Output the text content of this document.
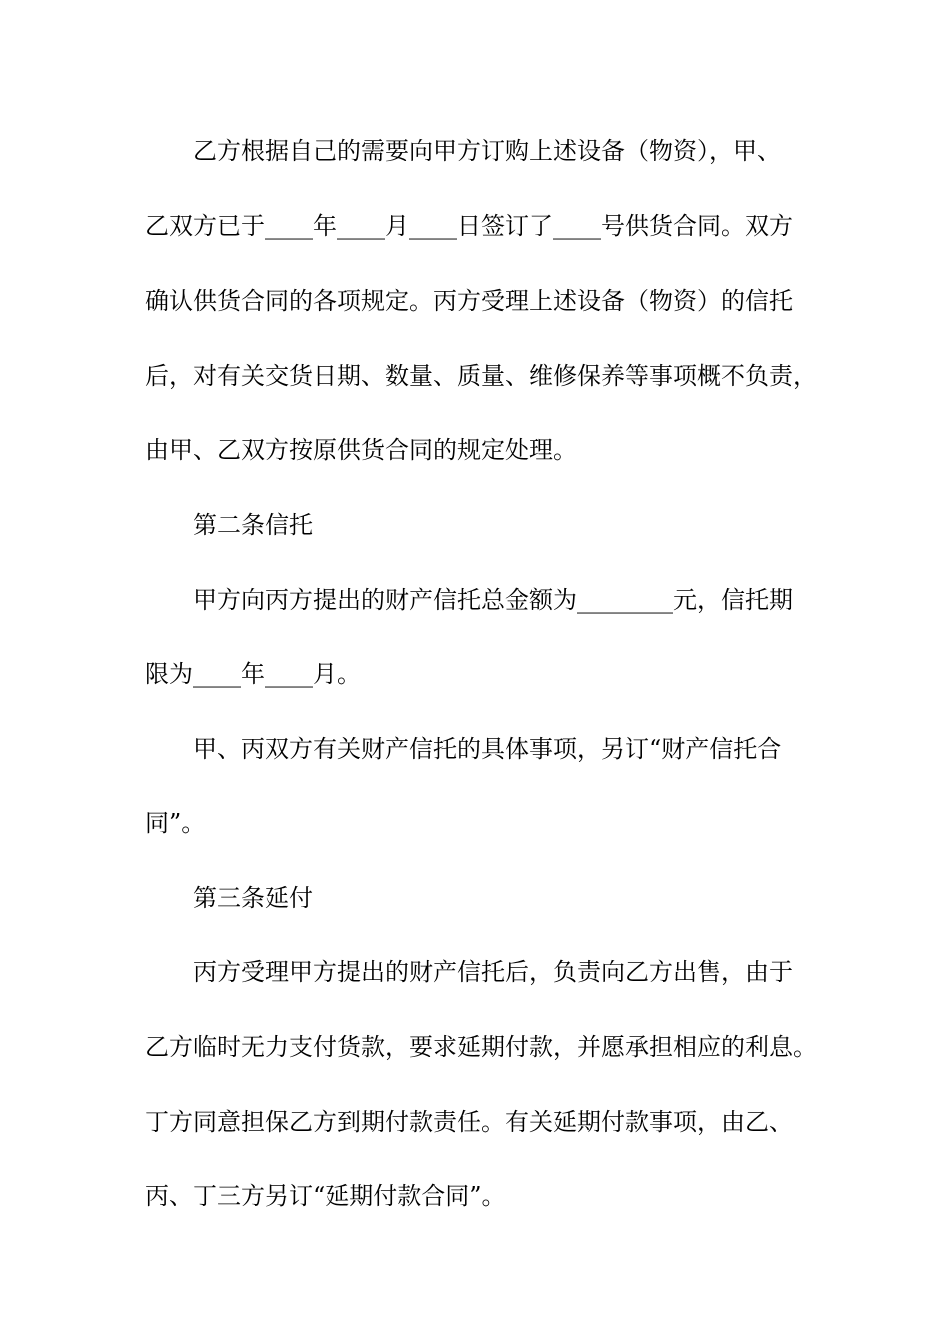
乙方根据自己的需要向甲方订购上述设备（物资），甲、
乙双方已于____年____月____日签订了____号供货合同。双方
确认供货合同的各项规定。丙方受理上述设备（物资）的信托
后，对有关交货日期、数量、质量、维修保养等事项概不负责，
由甲、乙双方按原供货合同的规定处理。
第二条信托
甲方向丙方提出的财产信托总金额为________元，信托期
限为____年____月。
甲、丙双方有关财产信托的具体事项，另订“财产信托合
同”。
第三条延付
丙方受理甲方提出的财产信托后，负责向乙方出售，由于
乙方临时无力支付货款，要求延期付款，并愿承担相应的利息。
丁方同意担保乙方到期付款责任。有关延期付款事项，由乙、
丙、丁三方另订“延期付款合同”。
